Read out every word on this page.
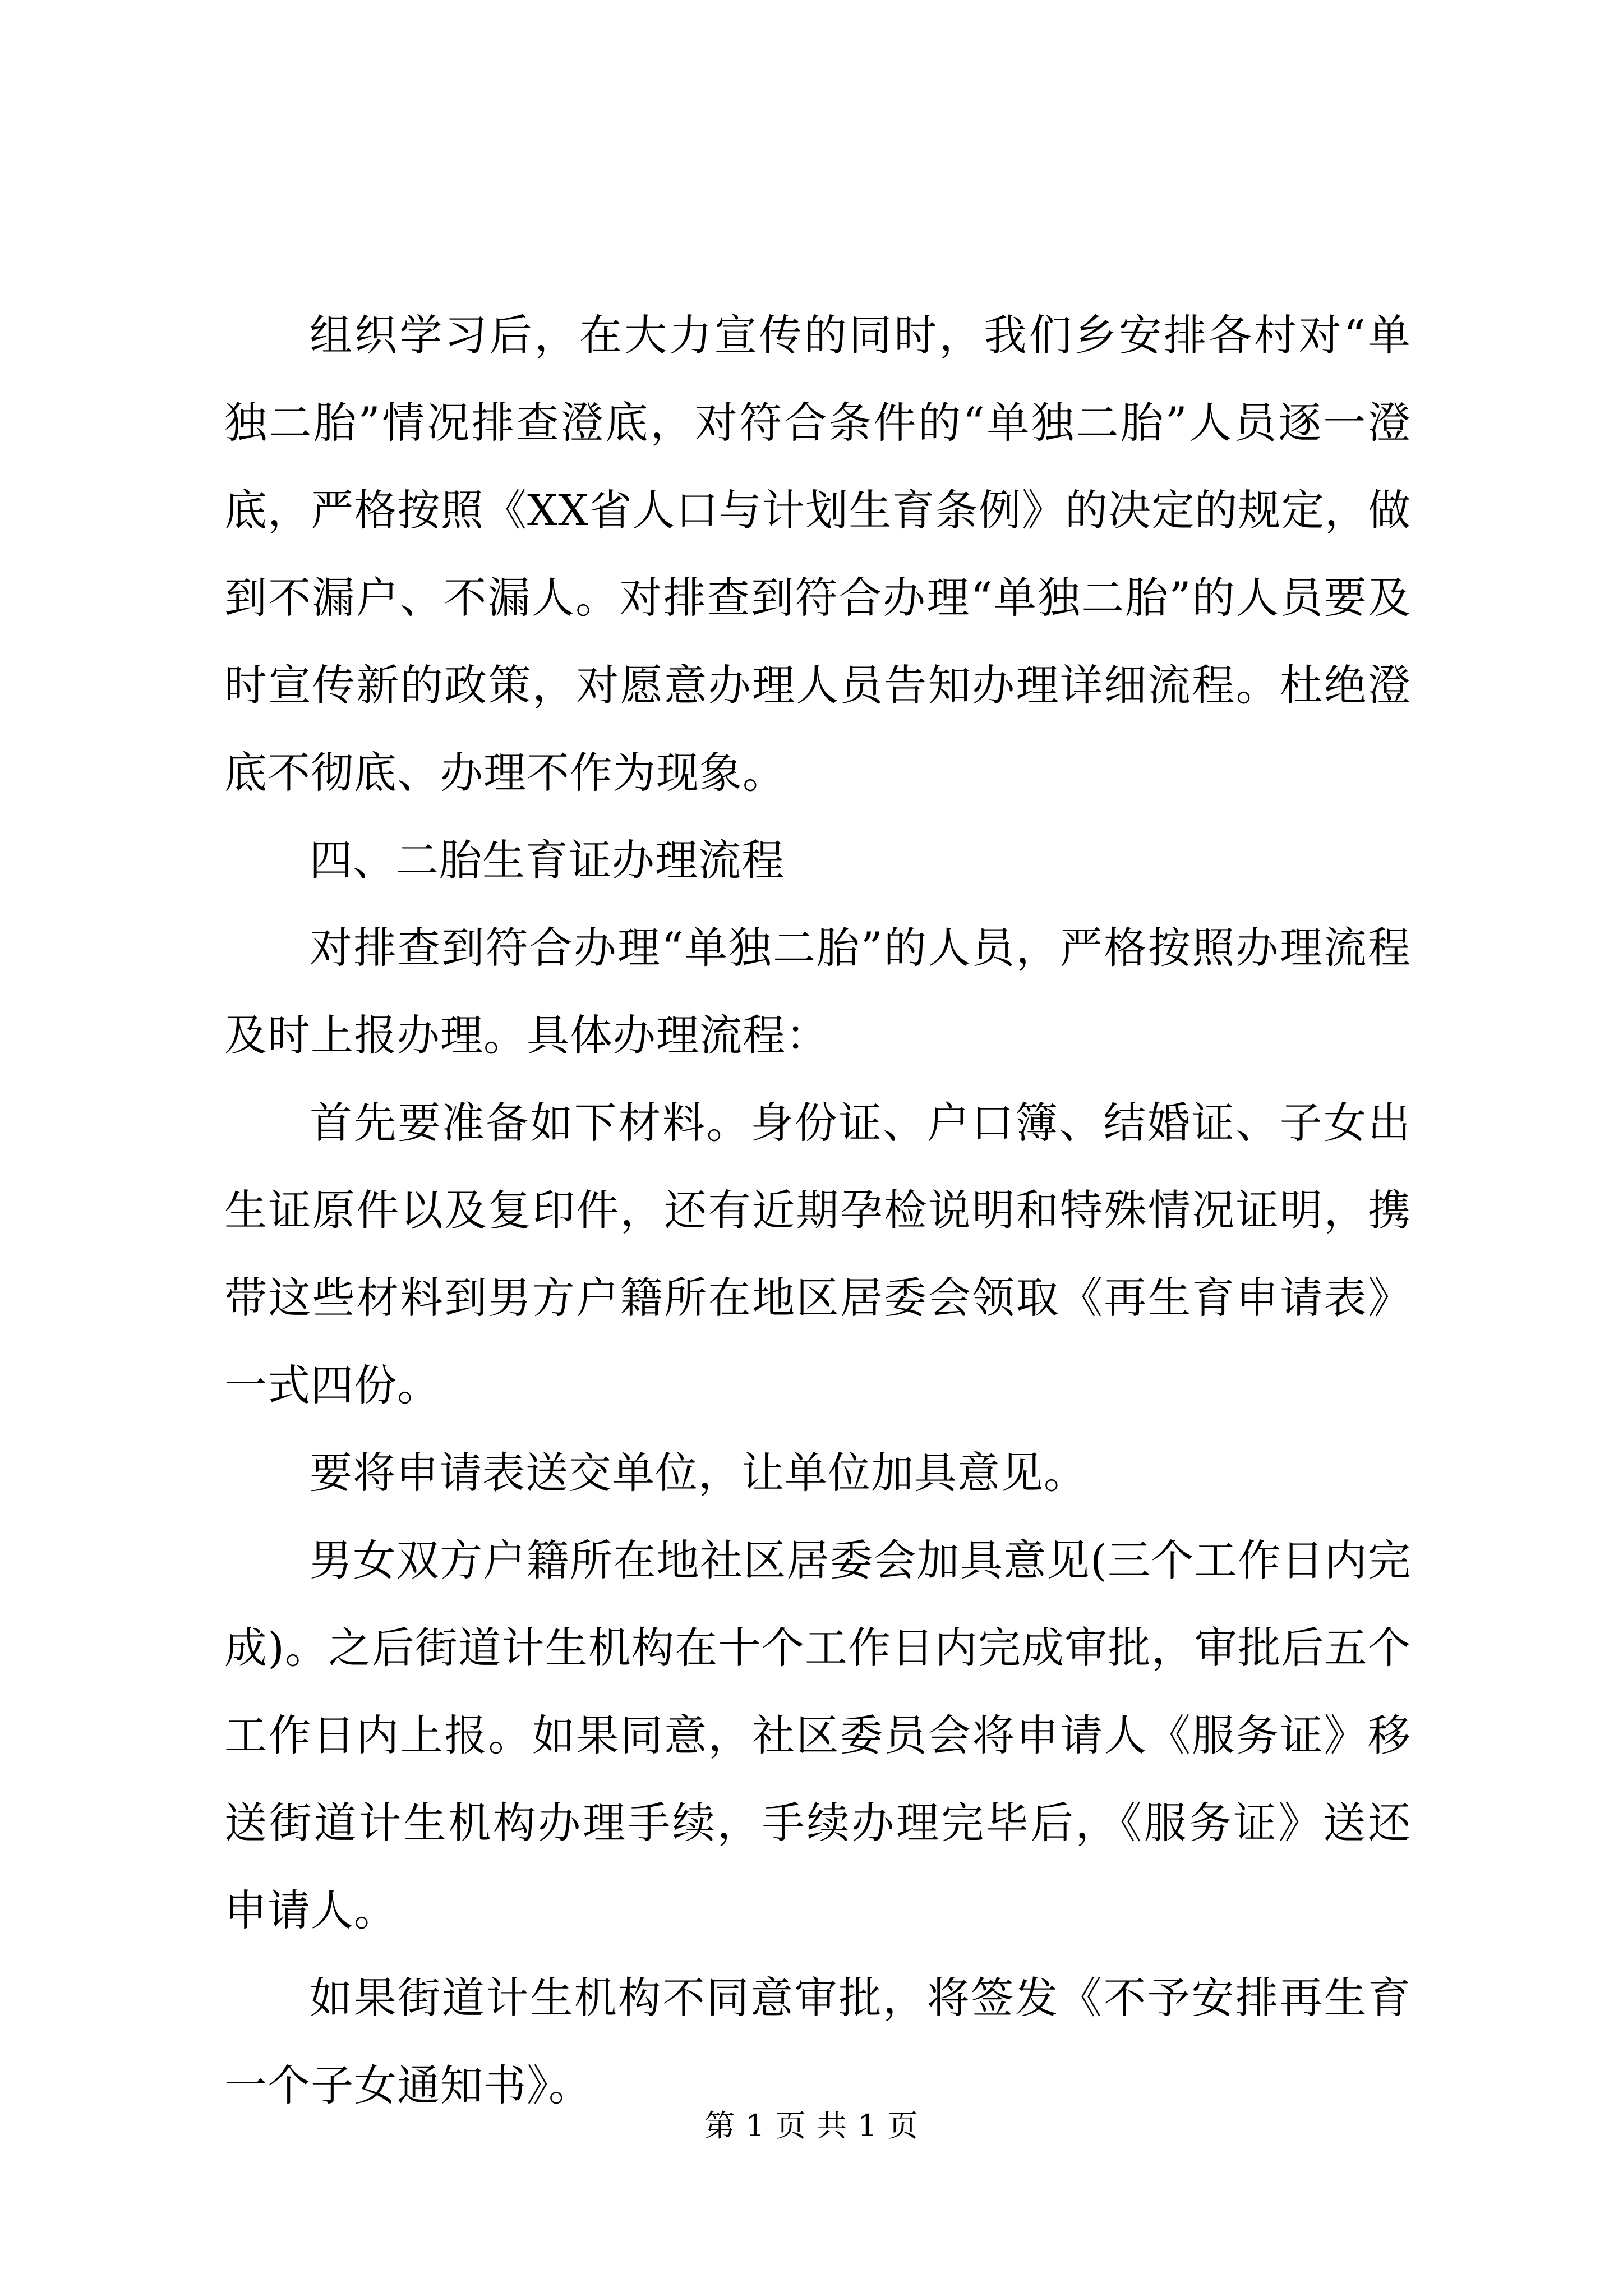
组织学习后，在大力宣传的同时，我们乡安排各村对“单独二胎”情况排查澄底，对符合条件的“单独二胎”人员逐一澄底，严格按照《XX省人口与计划生育条例》的决定的规定，做到不漏户、不漏人。对排查到符合办理“单独二胎”的人员要及时宣传新的政策，对愿意办理人员告知办理详细流程。杜绝澄底不彻底、办理不作为现象。

四、二胎生育证办理流程

对排查到符合办理“单独二胎”的人员，严格按照办理流程及时上报办理。具体办理流程：

首先要准备如下材料。身份证、户口簿、结婚证、子女出生证原件以及复印件，还有近期孕检说明和特殊情况证明，携带这些材料到男方户籍所在地区居委会领取《再生育申请表》一式四份。

要将申请表送交单位，让单位加具意见。

男女双方户籍所在地社区居委会加具意见(三个工作日内完成)。之后街道计生机构在十个工作日内完成审批，审批后五个工作日内上报。如果同意，社区委员会将申请人《服务证》移送街道计生机构办理手续，手续办理完毕后，《服务证》送还申请人。

如果街道计生机构不同意审批，将签发《不予安排再生育一个子女通知书》。

第 1 页 共 1 页
